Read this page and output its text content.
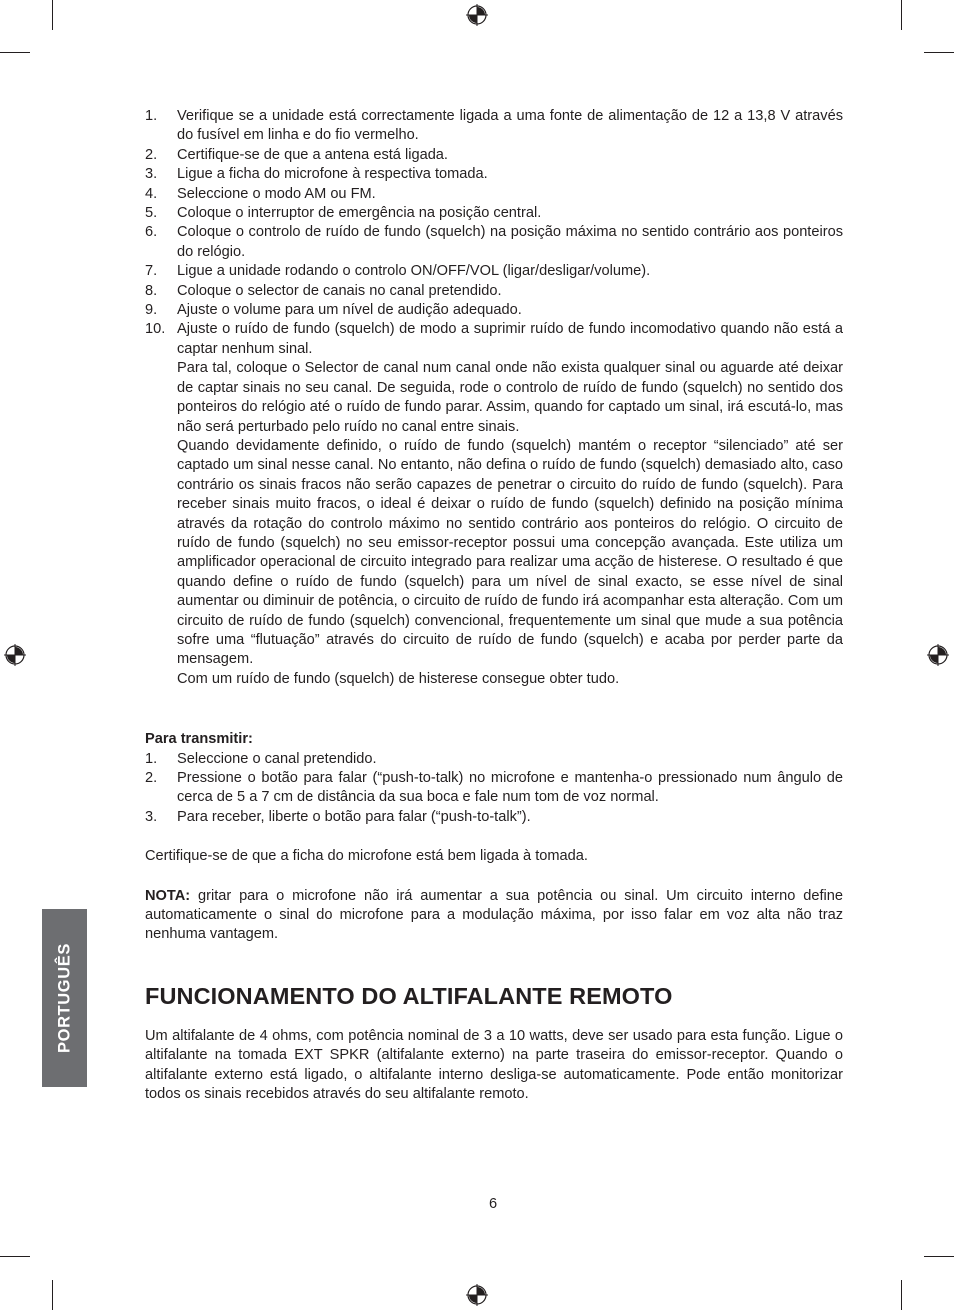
PORTUGUÊS
1. Verifique se a unidade está correctamente ligada a uma fonte de alimentação de 12 a 13,8 V através do fusível em linha e do fio vermelho.

2. Certifique-se de que a antena está ligada.

3. Ligue a ficha do microfone à respectiva tomada.

4. Seleccione o modo AM ou FM.

5. Coloque o interruptor de emergência na posição central.

6. Coloque o controlo de ruído de fundo (squelch) na posição máxima no sentido contrário aos ponteiros do relógio.

7. Ligue a unidade rodando o controlo ON/OFF/VOL (ligar/desligar/volume).

8. Coloque o selector de canais no canal pretendido.

9. Ajuste o volume para um nível de audição adequado.

10. Ajuste o ruído de fundo (squelch) de modo a suprimir ruído de fundo incomodativo quando não está a captar nenhum sinal.

Para tal, coloque o Selector de canal num canal onde não exista qualquer sinal ou aguarde até deixar de captar sinais no seu canal. De seguida, rode o controlo de ruído de fundo (squelch) no sentido dos ponteiros do relógio até o ruído de fundo parar. Assim, quando for captado um sinal, irá escutá-lo, mas não será perturbado pelo ruído no canal entre sinais.

Quando devidamente definido, o ruído de fundo (squelch) mantém o receptor “silenciado” até ser captado um sinal nesse canal. No entanto, não defina o ruído de fundo (squelch) demasiado alto, caso contrário os sinais fracos não serão capazes de penetrar o circuito do ruído de fundo (squelch). Para receber sinais muito fracos, o ideal é deixar o ruído de fundo (squelch) definido na posição mínima através da rotação do controlo máximo no sentido contrário aos ponteiros do relógio. O circuito de ruído de fundo (squelch) no seu emissor-receptor possui uma concepção avançada. Este utiliza um amplificador operacional de circuito integrado para realizar uma acção de histerese. O resultado é que quando define o ruído de fundo (squelch) para um nível de sinal exacto, se esse nível de sinal aumentar ou diminuir de potência, o circuito de ruído de fundo irá acompanhar esta alteração. Com um circuito de ruído de fundo (squelch) convencional, frequentemente um sinal que mude a sua potência sofre uma “flutuação” através do circuito de ruído de fundo (squelch) e acaba por perder parte da mensagem.

Com um ruído de fundo (squelch) de histerese consegue obter tudo.

Para transmitir:

1. Seleccione o canal pretendido.

2. Pressione o botão para falar (“push-to-talk) no microfone e mantenha-o pressionado num ângulo de cerca de 5 a 7 cm de distância da sua boca e fale num tom de voz normal.

3. Para receber, liberte o botão para falar (“push-to-talk”).

Certifique-se de que a ficha do microfone está bem ligada à tomada.

NOTA: gritar para o microfone não irá aumentar a sua potência ou sinal. Um circuito interno define automaticamente o sinal do microfone para a modulação máxima, por isso falar em voz alta não traz nenhuma vantagem.

FUNCIONAMENTO DO ALTIFALANTE REMOTO

Um altifalante de 4 ohms, com potência nominal de 3 a 10 watts, deve ser usado para esta função. Ligue o altifalante na tomada EXT SPKR (altifalante externo) na parte traseira do emissor-receptor. Quando o altifalante externo está ligado, o altifalante interno desliga-se automaticamente. Pode então monitorizar todos os sinais recebidos através do seu altifalante remoto.

6
